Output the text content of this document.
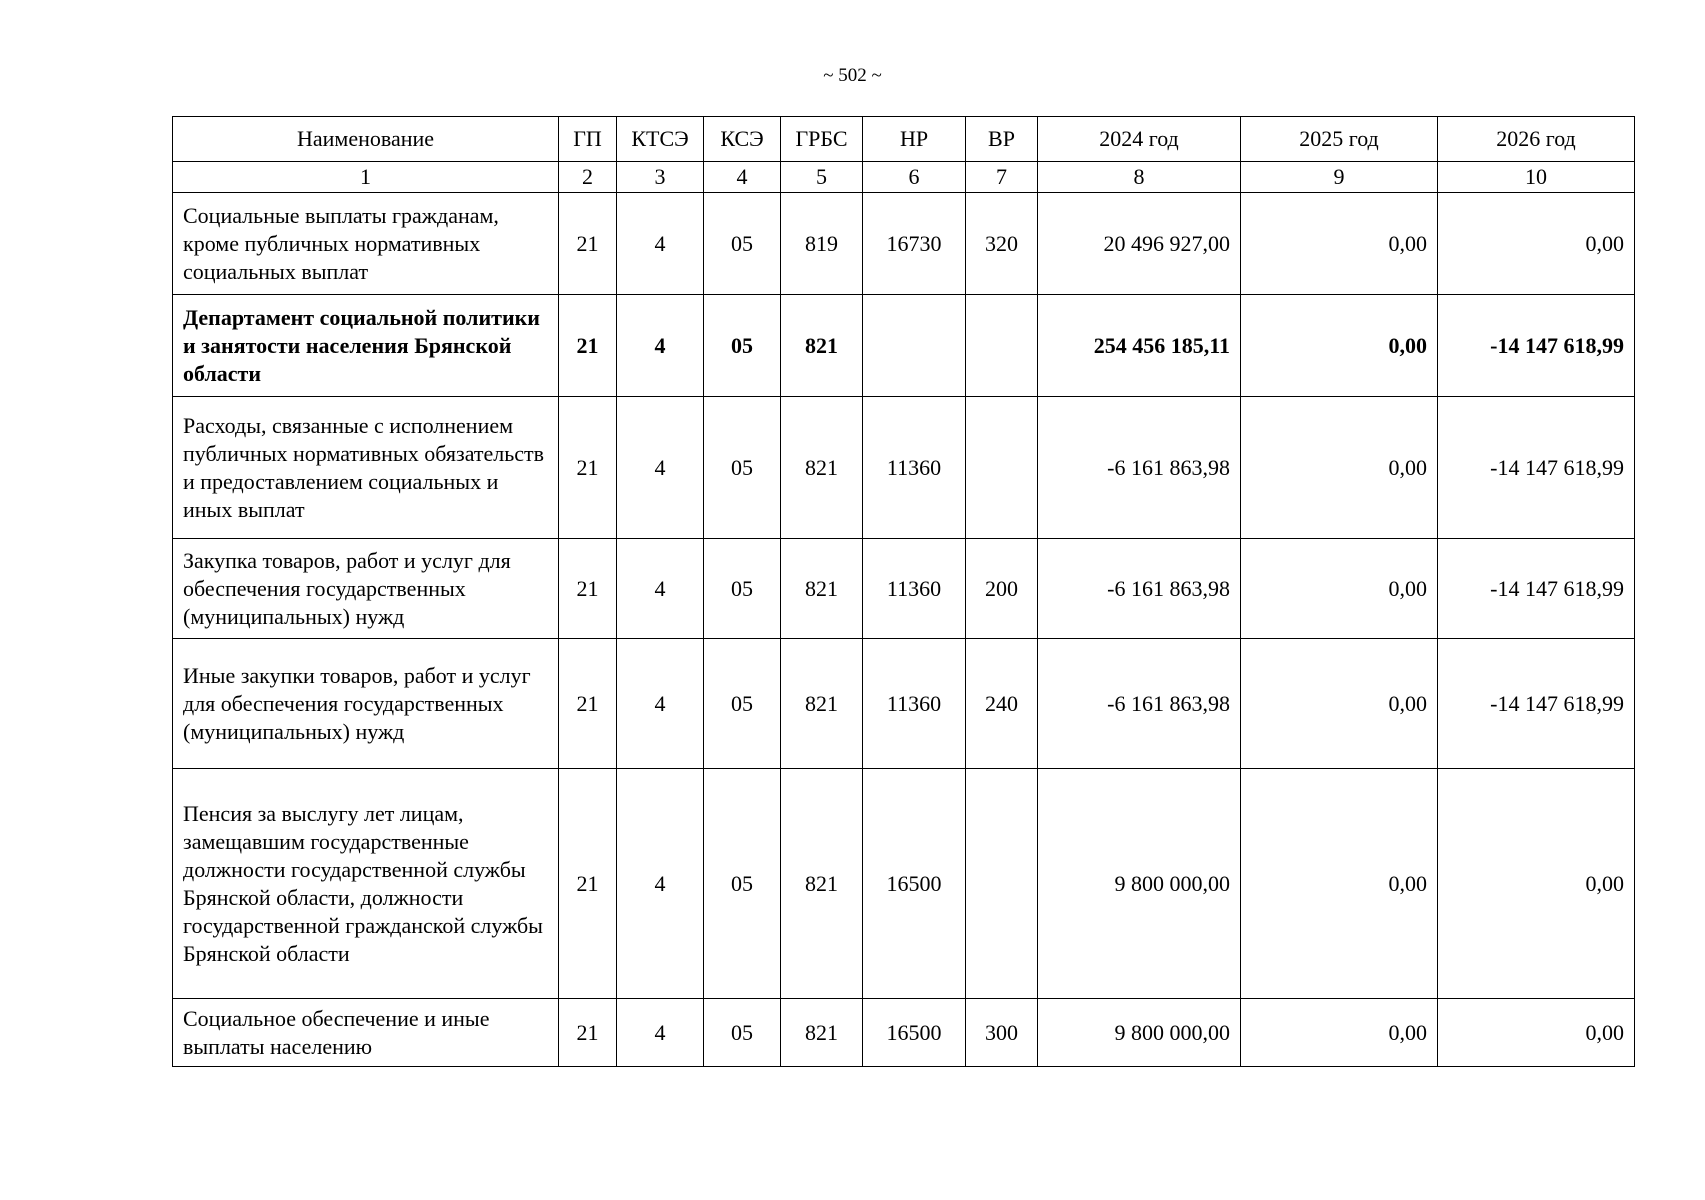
~ 502 ~
Наименование	ГП	КТСЭ	КСЭ	ГРБС	НР	ВР	2024 год	2025 год	2026 год
1	2	3	4	5	6	7	8	9	10
Социальные выплаты гражданам, кроме публичных нормативных социальных выплат	21	4	05	819	16730	320	20 496 927,00	0,00	0,00
Департамент социальной политики и занятости населения Брянской области	21	4	05	821			254 456 185,11	0,00	-14 147 618,99
Расходы, связанные с исполнением публичных нормативных обязательств и предоставлением социальных и иных выплат	21	4	05	821	11360		-6 161 863,98	0,00	-14 147 618,99
Закупка товаров, работ и услуг для обеспечения государственных (муниципальных) нужд	21	4	05	821	11360	200	-6 161 863,98	0,00	-14 147 618,99
Иные закупки товаров, работ и услуг для обеспечения государственных (муниципальных) нужд	21	4	05	821	11360	240	-6 161 863,98	0,00	-14 147 618,99
Пенсия за выслугу лет лицам, замещавшим государственные должности государственной службы Брянской области, должности государственной гражданской службы Брянской области	21	4	05	821	16500		9 800 000,00	0,00	0,00
Социальное обеспечение и иные выплаты населению	21	4	05	821	16500	300	9 800 000,00	0,00	0,00
